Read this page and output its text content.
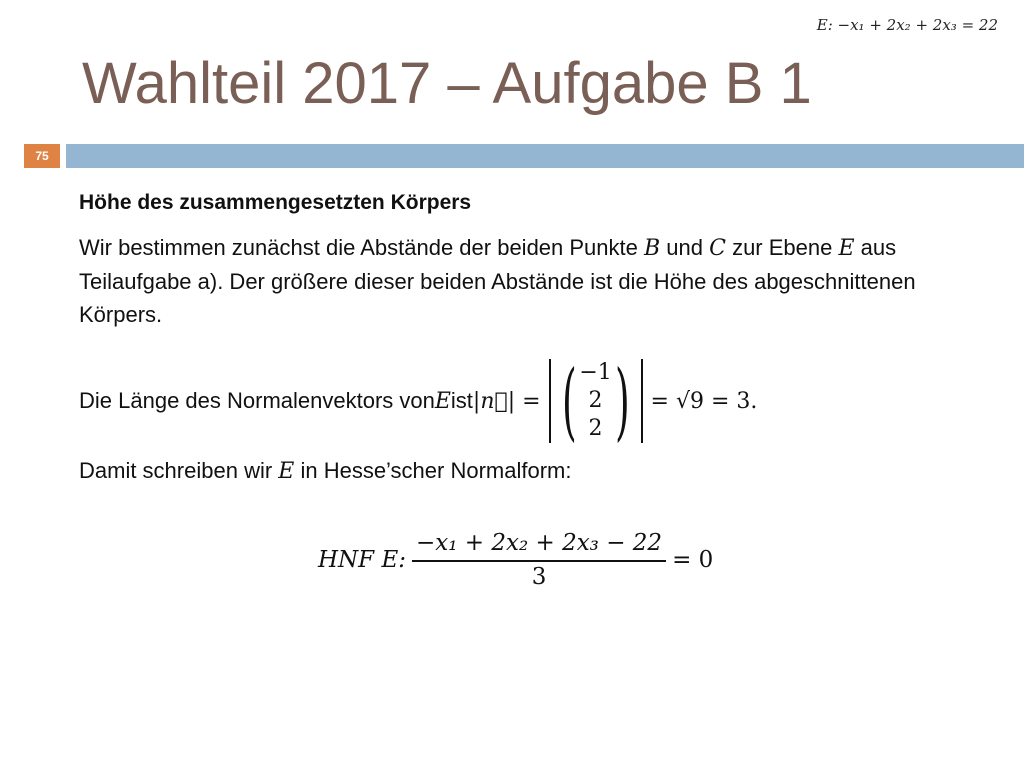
E: −x₁ + 2x₂ + 2x₃ = 22
Wahlteil 2017 – Aufgabe B 1
75

Höhe des zusammengesetzten Körpers

Wir bestimmen zunächst die Abstände der beiden Punkte B und C zur Ebene E aus Teilaufgabe a). Der größere dieser beiden Abstände ist die Höhe des abgeschnittenen Körpers.

Die Länge des Normalenvektors von E ist |n⃗| = ( −1
2
2 ) = √9 = 3.

Damit schreiben wir E in Hesse’scher Normalform:

HNF E: $\frac{\text{−x₁ + 2x₂ + 2x₃ − 22}}{3} = 0$
